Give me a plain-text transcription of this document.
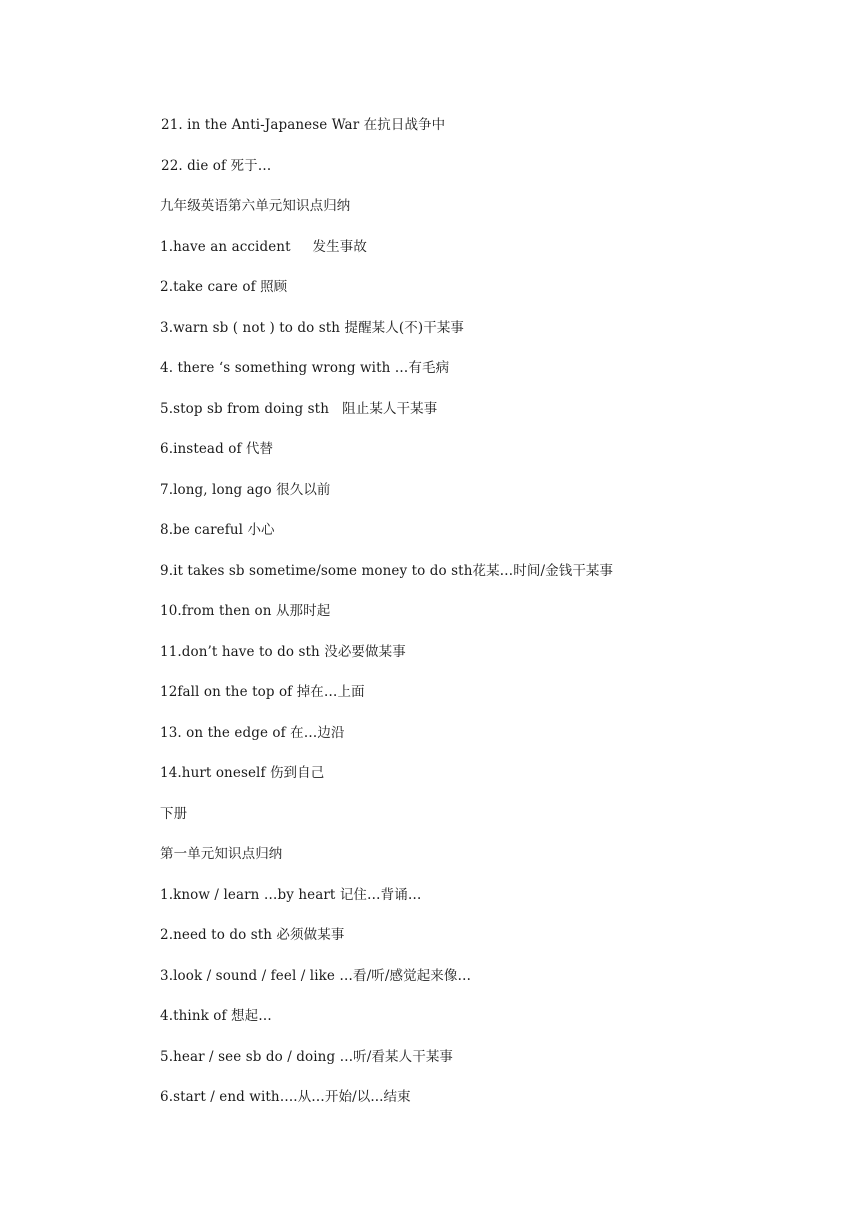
21. in the Anti-Japanese War 在抗日战争中
22. die of 死于…
九年级英语第六单元知识点归纳
1.have an accident     发生事故
2.take care of 照顾
3.warn sb ( not ) to do sth 提醒某人(不)干某事
4. there ‘s something wrong with …有毛病
5.stop sb from doing sth   阻止某人干某事
6.instead of 代替
7.long, long ago 很久以前
8.be careful 小心
9.it takes sb sometime/some money to do sth花某…时间/金钱干某事
10.from then on 从那时起
11.don’t have to do sth 没必要做某事
12fall on the top of 掉在…上面
13. on the edge of 在…边沿
14.hurt oneself 伤到自己
下册
第一单元知识点归纳
1.know / learn …by heart 记住…背诵…
2.need to do sth 必须做某事
3.look / sound / feel / like …看/听/感觉起来像…
4.think of 想起…
5.hear / see sb do / doing …听/看某人干某事
6.start / end with….从…开始/以...结束
